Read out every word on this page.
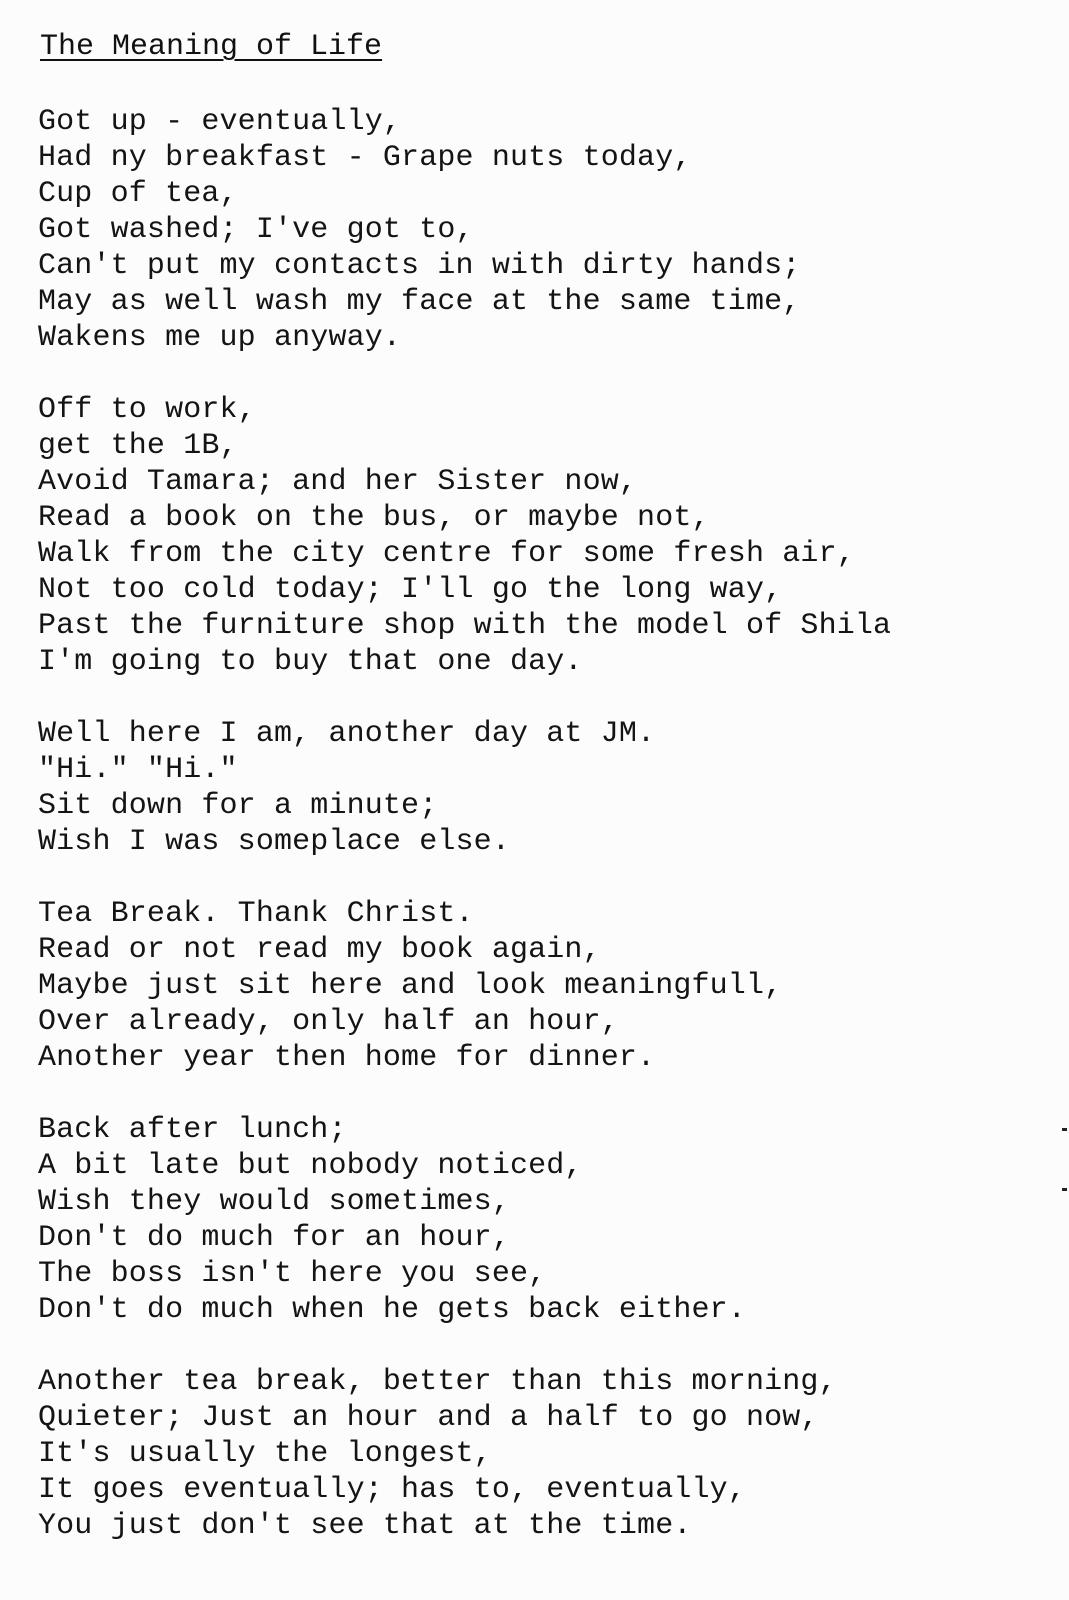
The Meaning of Life
Got up - eventually,
Had ny breakfast - Grape nuts today,
Cup of tea,
Got washed; I've got to,
Can't put my contacts in with dirty hands;
May as well wash my face at the same time,
Wakens me up anyway.
Off to work,
get the 1B,
Avoid Tamara; and her Sister now,
Read a book on the bus, or maybe not,
Walk from the city centre for some fresh air,
Not too cold today; I'll go the long way,
Past the furniture shop with the model of Shila
I'm going to buy that one day.
Well here I am, another day at JM.
"Hi." "Hi."
Sit down for a minute;
Wish I was someplace else.
Tea Break. Thank Christ.
Read or not read my book again,
Maybe just sit here and look meaningfull,
Over already, only half an hour,
Another year then home for dinner.
Back after lunch;
A bit late but nobody noticed,
Wish they would sometimes,
Don't do much for an hour,
The boss isn't here you see,
Don't do much when he gets back either.
Another tea break, better than this morning,
Quieter; Just an hour and a half to go now,
It's usually the longest,
It goes eventually; has to, eventually,
You just don't see that at the time.
